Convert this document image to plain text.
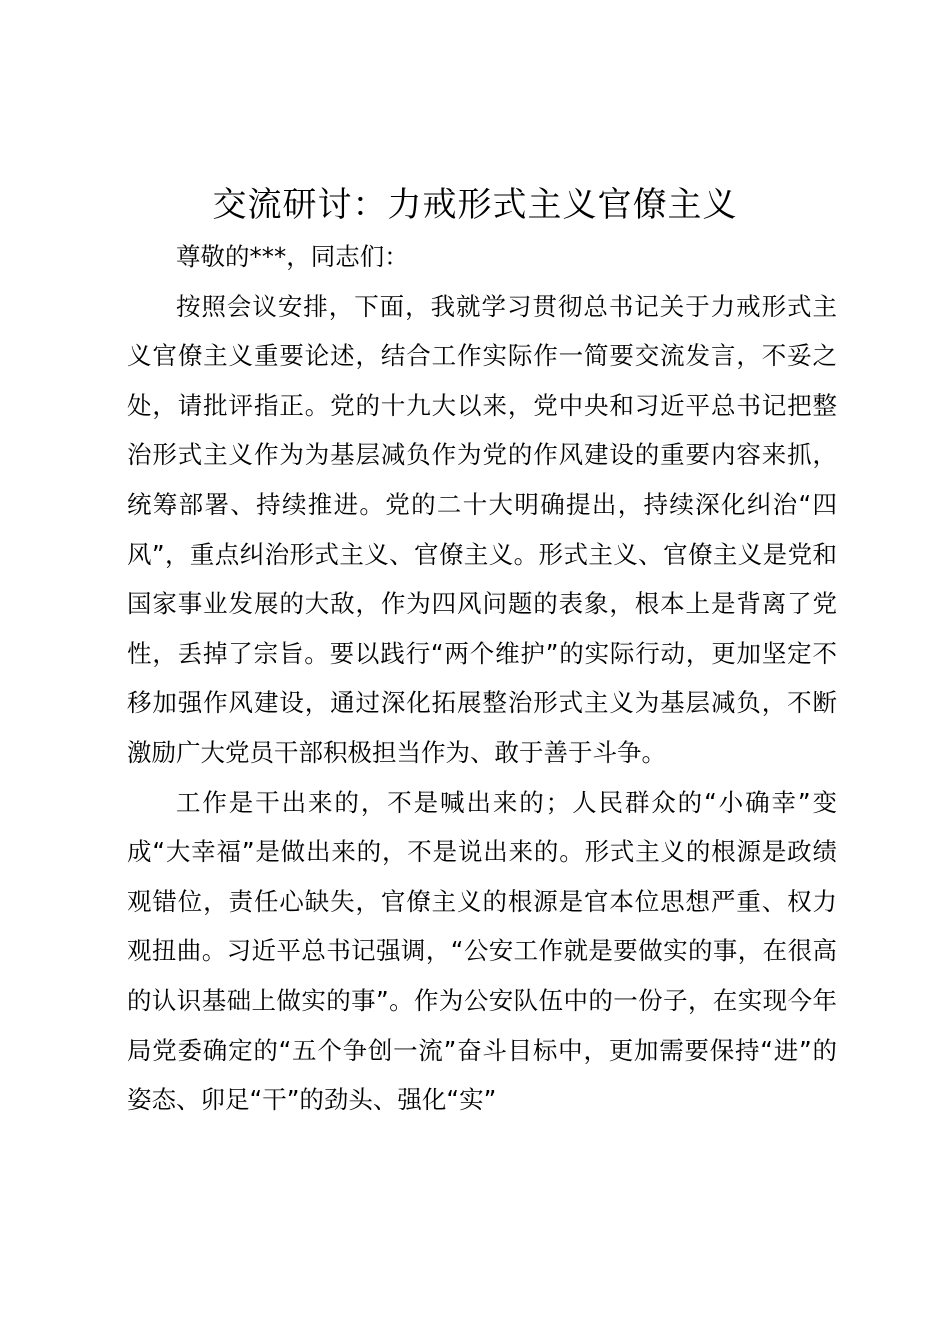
交流研讨：力戒形式主义官僚主义

尊敬的***，同志们：

按照会议安排，下面，我就学习贯彻总书记关于力戒形式主义官僚主义重要论述，结合工作实际作一简要交流发言，不妥之处，请批评指正。党的十九大以来，党中央和习近平总书记把整治形式主义作为为基层减负作为党的作风建设的重要内容来抓，统筹部署、持续推进。党的二十大明确提出，持续深化纠治“四风”，重点纠治形式主义、官僚主义。形式主义、官僚主义是党和国家事业发展的大敌，作为四风问题的表象，根本上是背离了党性，丢掉了宗旨。要以践行“两个维护”的实际行动，更加坚定不移加强作风建设，通过深化拓展整治形式主义为基层减负，不断激励广大党员干部积极担当作为、敢于善于斗争。

工作是干出来的，不是喊出来的；人民群众的“小确幸”变成“大幸福”是做出来的，不是说出来的。形式主义的根源是政绩观错位，责任心缺失，官僚主义的根源是官本位思想严重、权力观扭曲。习近平总书记强调，“公安工作就是要做实的事，在很高的认识基础上做实的事”。作为公安队伍中的一份子，在实现今年局党委确定的“五个争创一流”奋斗目标中，更加需要保持“进”的姿态、卯足“干”的劲头、强化“实”
